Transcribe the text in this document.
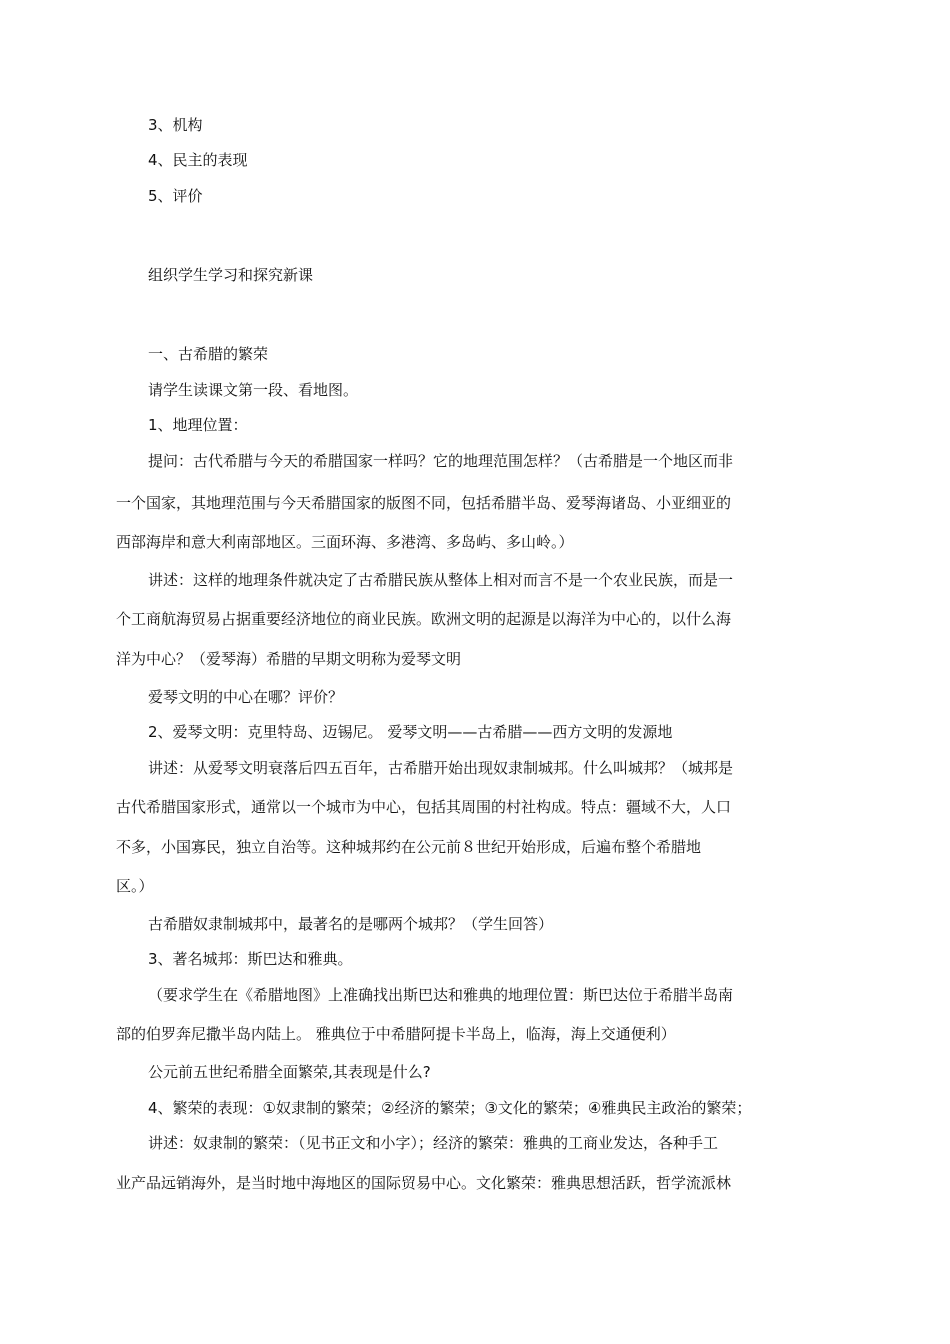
3、机构
4、民主的表现
5、评价
组织学生学习和探究新课
一、古希腊的繁荣
请学生读课文第一段、看地图。
1、地理位置：
提问：古代希腊与今天的希腊国家一样吗？它的地理范围怎样？（古希腊是一个地区而非
一个国家，其地理范围与今天希腊国家的版图不同，包括希腊半岛、爱琴海诸岛、小亚细亚的
西部海岸和意大利南部地区。三面环海、多港湾、多岛屿、多山岭。）
讲述：这样的地理条件就决定了古希腊民族从整体上相对而言不是一个农业民族，而是一
个工商航海贸易占据重要经济地位的商业民族。欧洲文明的起源是以海洋为中心的，以什么海
洋为中心？（爱琴海）希腊的早期文明称为爱琴文明
爱琴文明的中心在哪？评价？
2、爱琴文明：克里特岛、迈锡尼。 爱琴文明——古希腊——西方文明的发源地
讲述：从爱琴文明衰落后四五百年，古希腊开始出现奴隶制城邦。什么叫城邦？（城邦是
古代希腊国家形式，通常以一个城市为中心，包括其周围的村社构成。特点：疆域不大，人口
不多，小国寡民，独立自治等。这种城邦约在公元前８世纪开始形成，后遍布整个希腊地
区。）
古希腊奴隶制城邦中，最著名的是哪两个城邦？（学生回答）
3、著名城邦：斯巴达和雅典。
（要求学生在《希腊地图》上准确找出斯巴达和雅典的地理位置：斯巴达位于希腊半岛南
部的伯罗奔尼撒半岛内陆上。 雅典位于中希腊阿提卡半岛上，临海，海上交通便利）
公元前五世纪希腊全面繁荣,其表现是什么?
4、繁荣的表现：①奴隶制的繁荣；②经济的繁荣；③文化的繁荣；④雅典民主政治的繁荣；
讲述：奴隶制的繁荣：（见书正文和小字）；经济的繁荣：雅典的工商业发达，各种手工
业产品远销海外，是当时地中海地区的国际贸易中心。文化繁荣：雅典思想活跃，哲学流派林
